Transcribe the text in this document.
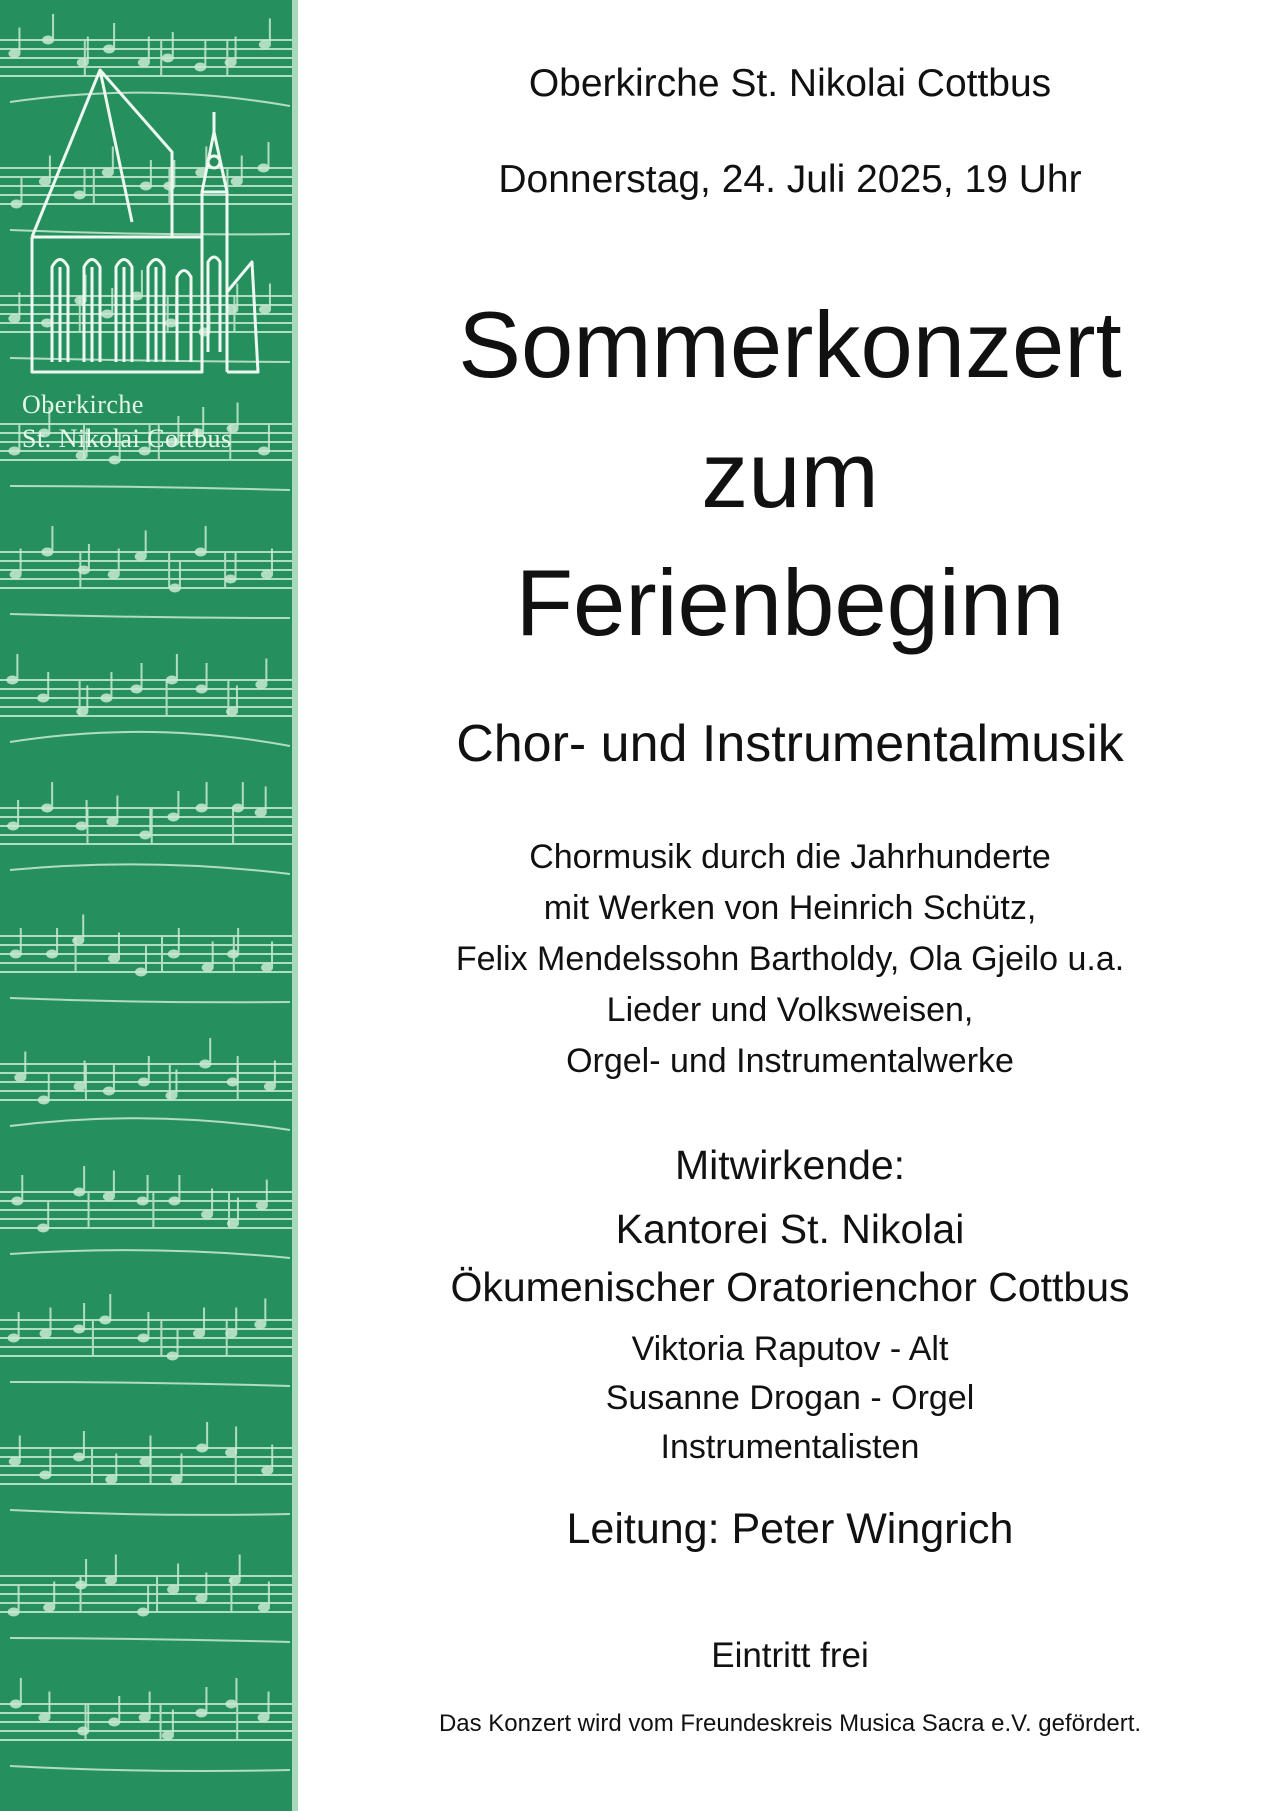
Oberkirche
St. Nikolai Cottbus
Oberkirche St. Nikolai Cottbus
Donnerstag, 24. Juli 2025, 19 Uhr
Sommerkonzert
zum
Ferienbeginn
Chor- und Instrumentalmusik
Chormusik durch die Jahrhunderte
mit Werken von Heinrich Schütz,
Felix Mendelssohn Bartholdy, Ola Gjeilo u.a.
Lieder und Volksweisen,
Orgel- und Instrumentalwerke
Mitwirkende:
Kantorei St. Nikolai
Ökumenischer Oratorienchor Cottbus
Viktoria Raputov - Alt
Susanne Drogan - Orgel
Instrumentalisten
Leitung: Peter Wingrich
Eintritt frei
Das Konzert wird vom Freundeskreis Musica Sacra e.V. gefördert.
